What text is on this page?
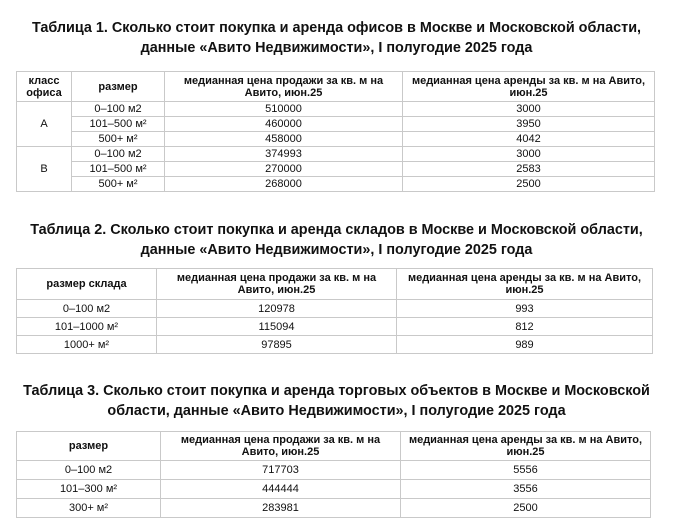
Таблица 1. Сколько стоит покупка и аренда офисов в Москве и Московской области,
данные «Авито Недвижимости», I полугодие 2025 года
класс офиса	размер	медианная цена продажи за кв. м на Авито, июн.25	медианная цена аренды за кв. м на Авито, июн.25
A	0–100 м2	510000	3000
	101–500 м²	460000	3950
	500+ м²	458000	4042
B	0–100 м2	374993	3000
	101–500 м²	270000	2583
	500+ м²	268000	2500
Таблица 2. Сколько стоит покупка и аренда складов в Москве и Московской области,
данные «Авито Недвижимости», I полугодие 2025 года
размер склада	медианная цена продажи за кв. м на Авито, июн.25	медианная цена аренды за кв. м на Авито, июн.25
0–100 м2	120978	993
101–1000 м²	115094	812
1000+ м²	97895	989
Таблица 3. Сколько стоит покупка и аренда торговых объектов в Москве и Московской
области, данные «Авито Недвижимости», I полугодие 2025 года
размер	медианная цена продажи за кв. м на Авито, июн.25	медианная цена аренды за кв. м на Авито, июн.25
0–100 м2	717703	5556
101–300 м²	444444	3556
300+ м²	283981	2500
